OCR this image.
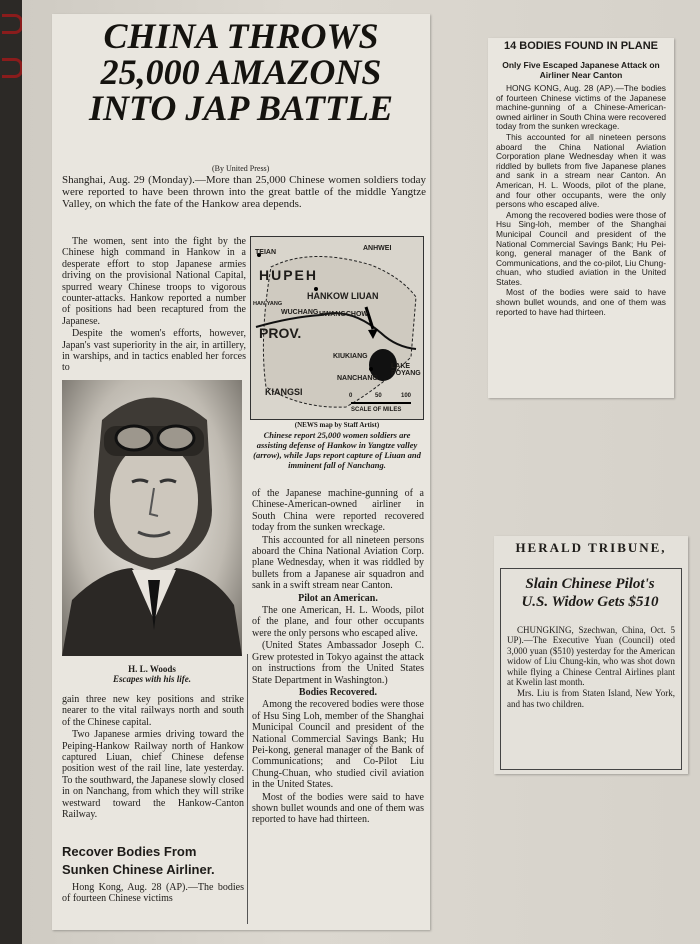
CHINA THROWS
25,000 AMAZONS
INTO JAP BATTLE
(By United Press)
Shanghai, Aug. 29 (Monday).—More than 25,000 Chinese women soldiers today were reported to have been thrown into the great battle of the middle Yangtze Valley, on which the fate of the Hankow area depends.

The women, sent into the fight by the Chinese high command in Hankow in a desperate effort to stop Japanese armies driving on the provisional National Capital, spurred weary Chinese troops to vigorous counter-attacks. Hankow reported a number of positions had been recaptured from the Japanese.

Despite the women's efforts, however, Japan's vast superiority in the air, in artillery, in warships, and in tactics enabled her forces to

TEIAN
ANHWEI
HUPEH
HANKOW LIUAN
HAN-YANG
WUCHANG HWANGCHOW
PROV.
KIUKIANG
LAKE POYANG
NANCHANG
KIANGSI	0	50	100
SCALE OF MILES
(NEWS map by Staff Artist)
Chinese report 25,000 women soldiers are assisting defense of Hankow in Yangtze valley (arrow), while Japs report capture of Liuan and imminent fall of Nanchang.
H. L. Woods
Escapes with his life.

of the Japanese machine-gunning of a Chinese-American-owned airliner in South China were reported recovered today from the sunken wreckage.

This accounted for all nineteen persons aboard the China National Aviation Corp. plane Wednesday, when it was riddled by bullets from a Japanese air squadron and sank in a swift stream near Canton.

Pilot an American.

The one American, H. L. Woods, pilot of the plane, and four other occupants were the only persons who escaped alive.

(United States Ambassador Joseph C. Grew protested in Tokyo against the attack on instructions from the United States State Department in Washington.)

Bodies Recovered.

Among the recovered bodies were those of Hsu Sing Loh, member of the Shanghai Municipal Council and president of the National Commercial Savings Bank; Hu Pei-kong, general manager of the Bank of Communications; and Co-Pilot Liu Chung-Chuan, who studied civil aviation in the United States.

Most of the bodies were said to have shown bullet wounds and one of them was reported to have had thirteen.

gain three new key positions and strike nearer to the vital railways north and south of the Chinese capital.

Two Japanese armies driving toward the Peiping-Hankow Railway north of Hankow captured Liuan, chief Chinese defense position west of the rail line, late yesterday. To the southward, the Japanese slowly closed in on Nanchang, from which they will strike westward toward the Hankow-Canton Railway.

Recover Bodies From
Sunken Chinese Airliner.

Hong Kong, Aug. 28 (AP).—The bodies of fourteen Chinese victims

14 BODIES FOUND IN PLANE
Only Five Escaped Japanese Attack on Airliner Near Canton

HONG KONG, Aug. 28 (AP).—The bodies of fourteen Chinese victims of the Japanese machine-gunning of a Chinese-American-owned airliner in South China were recovered today from the sunken wreckage.

This accounted for all nineteen persons aboard the China National Aviation Corporation plane Wednesday when it was riddled by bullets from five Japanese planes and sank in a stream near Canton. An American, H. L. Woods, pilot of the plane, and four other occupants, were the only persons who escaped alive.

Among the recovered bodies were those of Hsu Sing-loh, member of the Shanghai Municipal Council and president of the National Commercial Savings Bank; Hu Pei-kong, general manager of the Bank of Communications, and the co-pilot, Liu Chung-chuan, who studied aviation in the United States.

Most of the bodies were said to have shown bullet wounds, and one of them was reported to have had thirteen.

HERALD TRIBUNE,
Slain Chinese Pilot's
U.S. Widow Gets $510

CHUNGKING, Szechwan, China, Oct. 5 UP).—The Executive Yuan (Council) oted 3,000 yuan ($510) yesterday for the American widow of Liu Chung-kin, who was shot down while flying a Chinese Central Airlines plant at Kwelin last month.

Mrs. Liu is from Staten Island, New York, and has two children.
